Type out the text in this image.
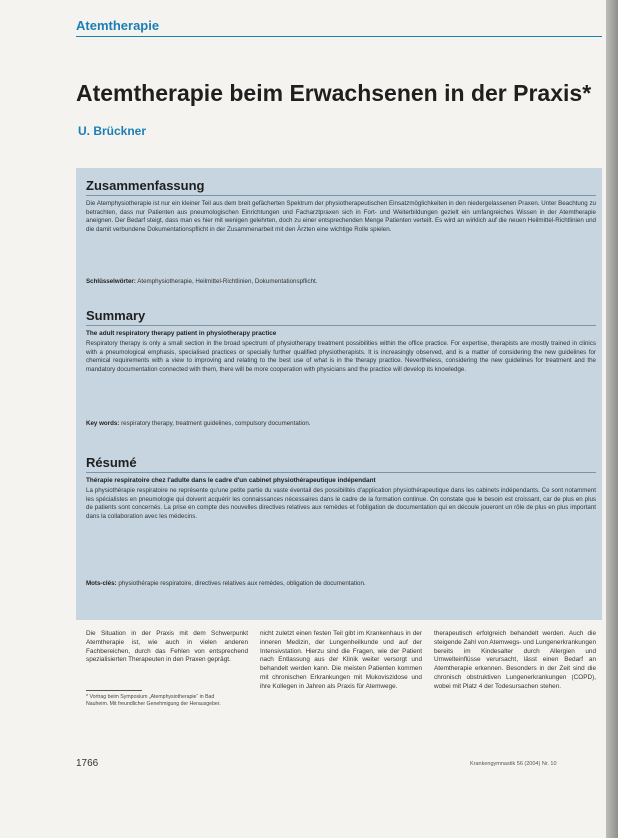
Atemtherapie
Atemtherapie beim Erwachsenen in der Praxis*
U. Brückner
Zusammenfassung
Die Atemphysiotherapie ist nur ein kleiner Teil aus dem breit gefächerten Spektrum der physiotherapeutischen Einsatzmöglichkeiten in den niedergelassenen Praxen. Unter Beachtung zu betrachten, dass nur Patienten aus pneumologischen Einrichtungen und Facharztpraxen sich in Fort- und Weiterbildungen gezielt ein umfangreiches Wissen in der Atemtherapie aneignen. Der Bedarf steigt, dass man es hier mit wenigen gelehrten, doch zu einer entsprechenden Menge Patienten verteilt. Es wird an wirklich auf die neuen Heilmittel-Richtlinien und die damit verbundene Dokumentationspflicht in der Zusammenarbeit mit den Ärzten eine wichtige Rolle spielen.
Schlüsselwörter: Atemphysiotherapie, Heilmittel-Richtlinien, Dokumentationspflicht.
Summary
The adult respiratory therapy patient in physiotherapy practice
Respiratory therapy is only a small section in the broad spectrum of physiotherapy treatment possibilities within the office practice. For expertise, therapists are mostly trained in clinics with a pneumological emphasis, specialised practices or specially further qualified physiotherapists. It is increasingly observed, and is a matter of considering the new guidelines for chemical requirements with a view to improving and relating to the best use of what is in the therapy practice. Nevertheless, considering the new guidelines for treatment and the mandatory documentation connected with them, there will be more cooperation with physicians and the practice will develop its knowledge.
Key words: respiratory therapy, treatment guidelines, compulsory documentation.
Résumé
Thérapie respiratoire chez l'adulte dans le cadre d'un cabinet physiothérapeutique indépendant
La physiothérapie respiratoire ne représente qu'une petite partie du vaste éventail des possibilités d'application physiothérapeutique dans les cabinets indépendants. Ce sont notamment les spécialistes en pneumologie qui doivent acquérir les connaissances nécessaires dans le cadre de la formation continue. On constate que le besoin est croissant, car de plus en plus de patients sont concernés. La prise en compte des nouvelles directives relatives aux remèdes et l'obligation de documentation qui en découle joueront un rôle de plus en plus important dans la collaboration avec les médecins.
Mots-clés: physiothérapie respiratoire, directives relatives aux remèdes, obligation de documentation.
Die Situation in der Praxis mit dem Schwerpunkt Atemtherapie ist, wie auch in vielen anderen Fachbereichen, durch das Fehlen von entsprechend spezialisierten Therapeuten in den Praxen geprägt.
nicht zuletzt einen festen Teil gibt im Krankenhaus in der inneren Medizin, der Lungenheilkunde und auf der Intensivstation. Hierzu sind die Fragen, wie der Patient nach Entlassung aus der Klinik weiter versorgt und behandelt werden kann. Die meisten Patienten kommen mit chronischen Erkrankungen mit Mukoviszidose und ihre Kollegen in Jahren als Praxis für Atemwege.
therapeutisch erfolgreich behandelt werden. Auch die steigende Zahl von Atemwegs- und Lungenerkrankungen bereits im Kindesalter durch Allergien und Umwelteinflüsse verursacht, lässt einen Bedarf an Atemtherapie erkennen. Besonders in der Zeit sind die chronisch obstruktiven Lungenerkrankungen (COPD), wobei mit Platz 4 der Todesursachen stehen.
* Vortrag beim Symposium „Atemphysiotherapie“ in Bad Nauheim. Mit freundlicher Genehmigung der Herausgeber.
1766	Krankengymnastik 56 (2004) Nr. 10
